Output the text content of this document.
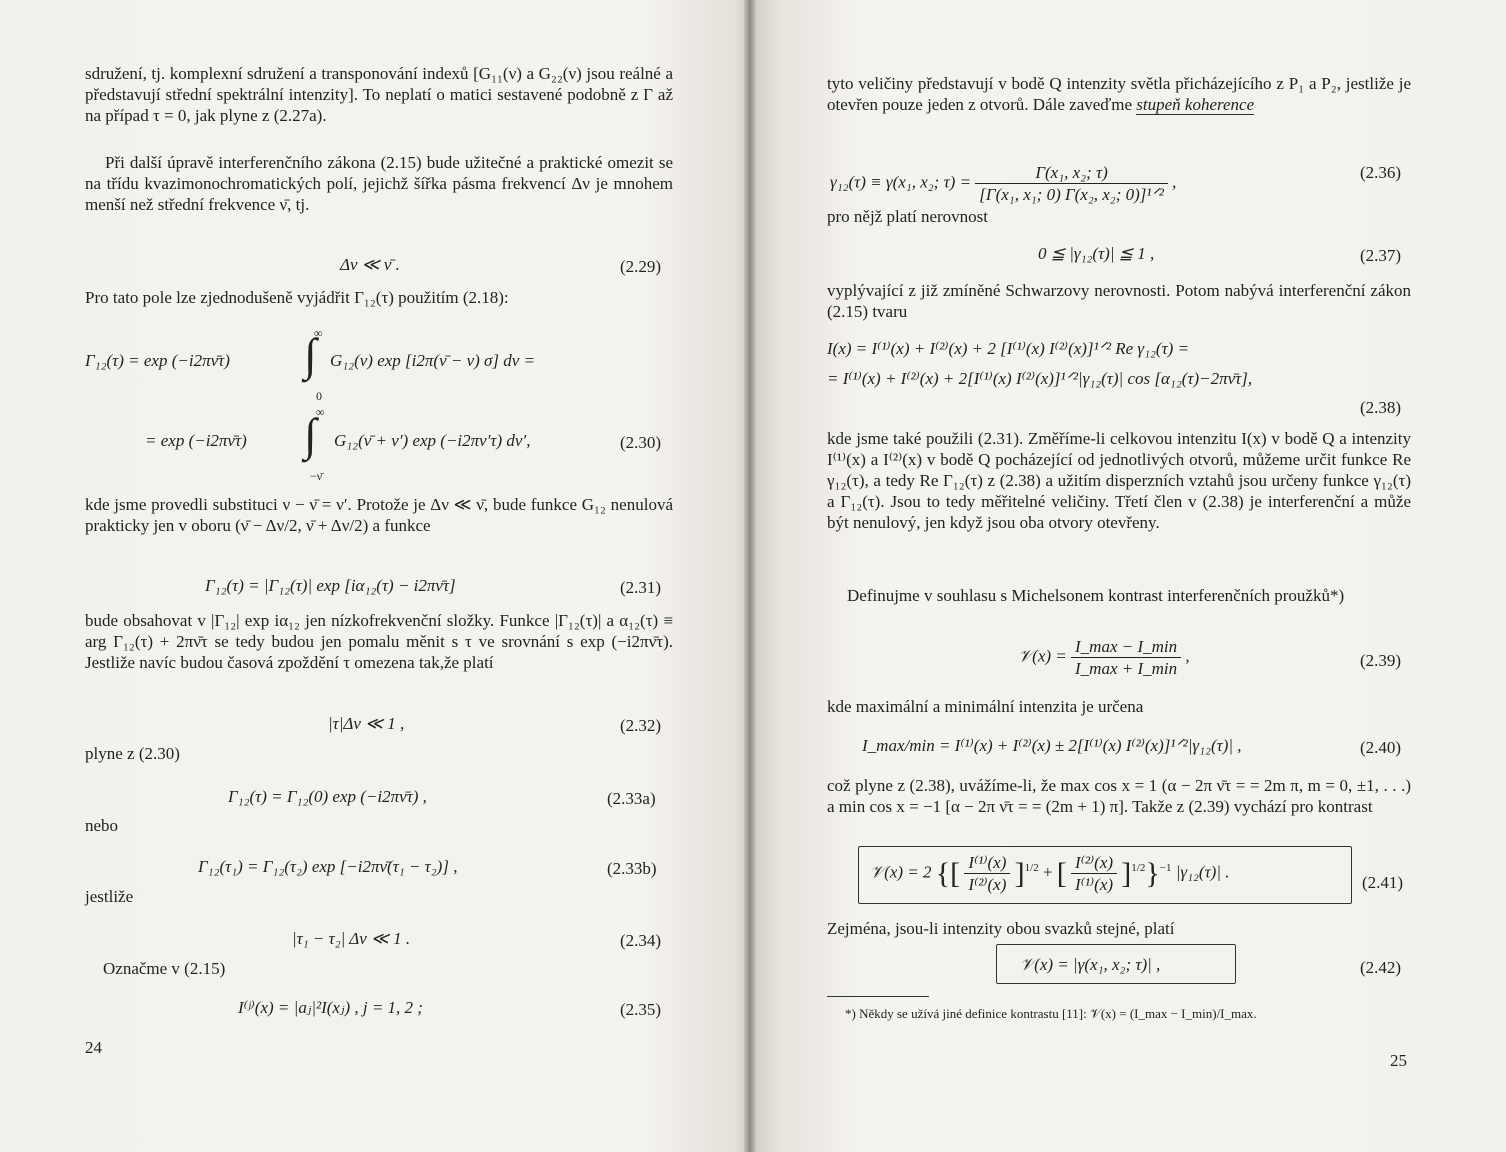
sdružení, tj. komplexní sdružení a transponování indexů [G₁₁(ν) a G₂₂(ν) jsou reálné a představují střední spektrální intenzity]. To neplatí o matici sestavené podobně z Γ až na případ τ = 0, jak plyne z (2.27a).

Při další úpravě interferenčního zákona (2.15) bude užitečné a praktické omezit se na třídu kvazimonochromatických polí, jejichž šířka pásma frekvencí Δν je mnohem menší než střední frekvence ν̄, tj.

Δν ≪ ν̄ .	(2.29)

Pro tato pole lze zjednodušeně vyjádřit Γ₁₂(τ) použitím (2.18):

Γ₁₂(τ) = exp (−i2πν̄τ) ∫
∞
0
G₁₂(ν) exp [i2π(ν̄ − ν) σ] dν =
= exp (−i2πν̄τ) ∫ ∞
−ν̄
G₁₂(ν̄ + ν′) exp (−i2πν′τ) dν′,	(2.30)

kde jsme provedli substituci ν − ν̄ = ν′. Protože je Δν ≪ ν̄, bude funkce G₁₂ nenulová prakticky jen v oboru (ν̄ − Δν/2, ν̄ + Δν/2) a funkce

Γ₁₂(τ) = |Γ₁₂(τ)| exp [iα₁₂(τ) − i2πν̄τ]	(2.31)

bude obsahovat v |Γ₁₂| exp iα₁₂ jen nízkofrekvenční složky. Funkce |Γ₁₂(τ)| a α₁₂(τ) ≡ arg Γ₁₂(τ) + 2πν̄τ se tedy budou jen pomalu měnit s τ ve srovnání s exp (−i2πν̄τ). Jestliže navíc budou časová zpoždění τ omezena tak,že platí

|τ|Δν ≪ 1 ,	(2.32)
plyne z (2.30)
Γ₁₂(τ) = Γ₁₂(0) exp (−i2πν̄τ) ,	(2.33a)
nebo
Γ₁₂(τ₁) = Γ₁₂(τ₂) exp [−i2πν̄(τ₁ − τ₂)] ,	(2.33b)
jestliže
|τ₁ − τ₂| Δν ≪ 1 .	(2.34)
Označme v (2.15)
I⁽ʲ⁾(x) = |aⱼ|²I(xⱼ) , j = 1, 2 ;	(2.35)
24

tyto veličiny představují v bodě Q intenzity světla přicházejícího z P₁ a P₂, jestliže je otevřen pouze jeden z otvorů. Dále zaveďme stupeň koherence

γ₁₂(τ) ≡ γ(x₁, x₂; $\tau) = \frac{\text{Γ(x₁, x₂; τ)}}{\text{[Γ(x₁, x₁; 0) Γ(x₂, x₂; 0)]¹ᐟ²}}$ ,	(2.36)
pro nějž platí nerovnost
0 ≦ |γ₁₂(τ)| ≦ 1 ,	(2.37)

vyplývající z již zmíněné Schwarzovy nerovnosti. Potom nabývá interferenční zákon (2.15) tvaru

I(x) = I⁽¹⁾(x) + I⁽²⁾(x) + 2 [I⁽¹⁾(x) I⁽²⁾(x)]¹ᐟ² Re γ₁₂(τ) =
= I⁽¹⁾(x) + I⁽²⁾(x) + 2[I⁽¹⁾(x) I⁽²⁾(x)]¹ᐟ²|γ₁₂(τ)| cos [α₁₂(τ)−2πν̄τ],
(2.38)

kde jsme také použili (2.31). Změříme-li celkovou intenzitu I(x) v bodě Q a intenzity I⁽¹⁾(x) a I⁽²⁾(x) v bodě Q pocházející od jednotlivých otvorů, můžeme určit funkce Re γ₁₂(τ), a tedy Re Γ₁₂(τ) z (2.38) a užitím disperzních vztahů jsou určeny funkce γ₁₂(τ) a Γ₁₂(τ). Jsou to tedy měřitelné veličiny. Třetí člen v (2.38) je interferenční a může být nenulový, jen když jsou oba otvory otevřeny.

Definujme v souhlasu s Michelsonem kontrast interferenčních proužků*)

𝒱(x) = $\frac{I\_\max - I\_\min}{I\_\max + I\_\min}$ ,	(2.39)
kde maximální a minimální intenzita je určena
I_max/min = I⁽¹⁾(x) + I⁽²⁾(x) ± 2[I⁽¹⁾(x) I⁽²⁾(x)]¹ᐟ²|γ₁₂(τ)| ,	(2.40)

což plyne z (2.38), uvážíme-li, že max cos x = 1 (α − 2π ν̄τ = = 2m π, m = 0, ±1, . . .) a min cos x = −1 [α − 2π ν̄τ = = (2m + 1) π]. Takže z (2.39) vychází pro kontrast

𝒱(x) = 2 {[ $\frac{\text{I⁽¹⁾(x)}}{\text{I⁽²⁾(x)}} ]^{1/2}$ + [ $\frac{\text{I⁽²⁾(x)}}{\text{I⁽¹⁾(x)}} ]^{1/2}\}^{-1}$ |γ₁₂(τ)| .
(2.41)
Zejména, jsou-li intenzity obou svazků stejné, platí
𝒱(x) = |γ(x₁, x₂; τ)| ,	(2.42)
*) Někdy se užívá jiné definice kontrastu [11]: 𝒱(x) = (I_max − I_min)/I_max.
25
